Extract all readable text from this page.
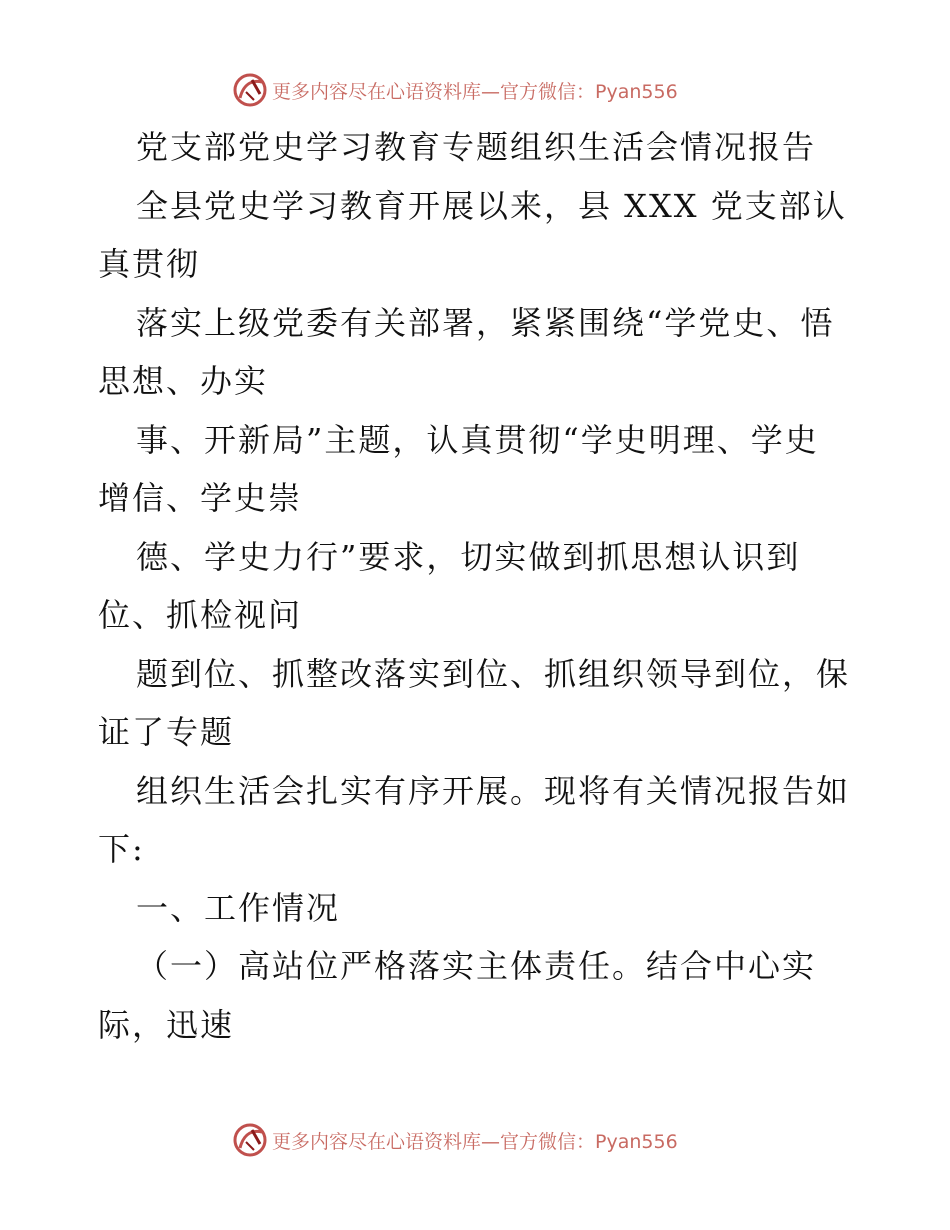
更多内容尽在心语资料库—官方微信：Pyan556
党支部党史学习教育专题组织生活会情况报告
全县党史学习教育开展以来，县 XXX 党支部认
真贯彻
落实上级党委有关部署，紧紧围绕“学党史、悟
思想、办实
事、开新局”主题，认真贯彻“学史明理、学史
增信、学史崇
德、学史力行”要求，切实做到抓思想认识到
位、抓检视问
题到位、抓整改落实到位、抓组织领导到位，保
证了专题
组织生活会扎实有序开展。现将有关情况报告如
下:
一、工作情况
（一）高站位严格落实主体责任。结合中心实
际，迅速
更多内容尽在心语资料库—官方微信：Pyan556
